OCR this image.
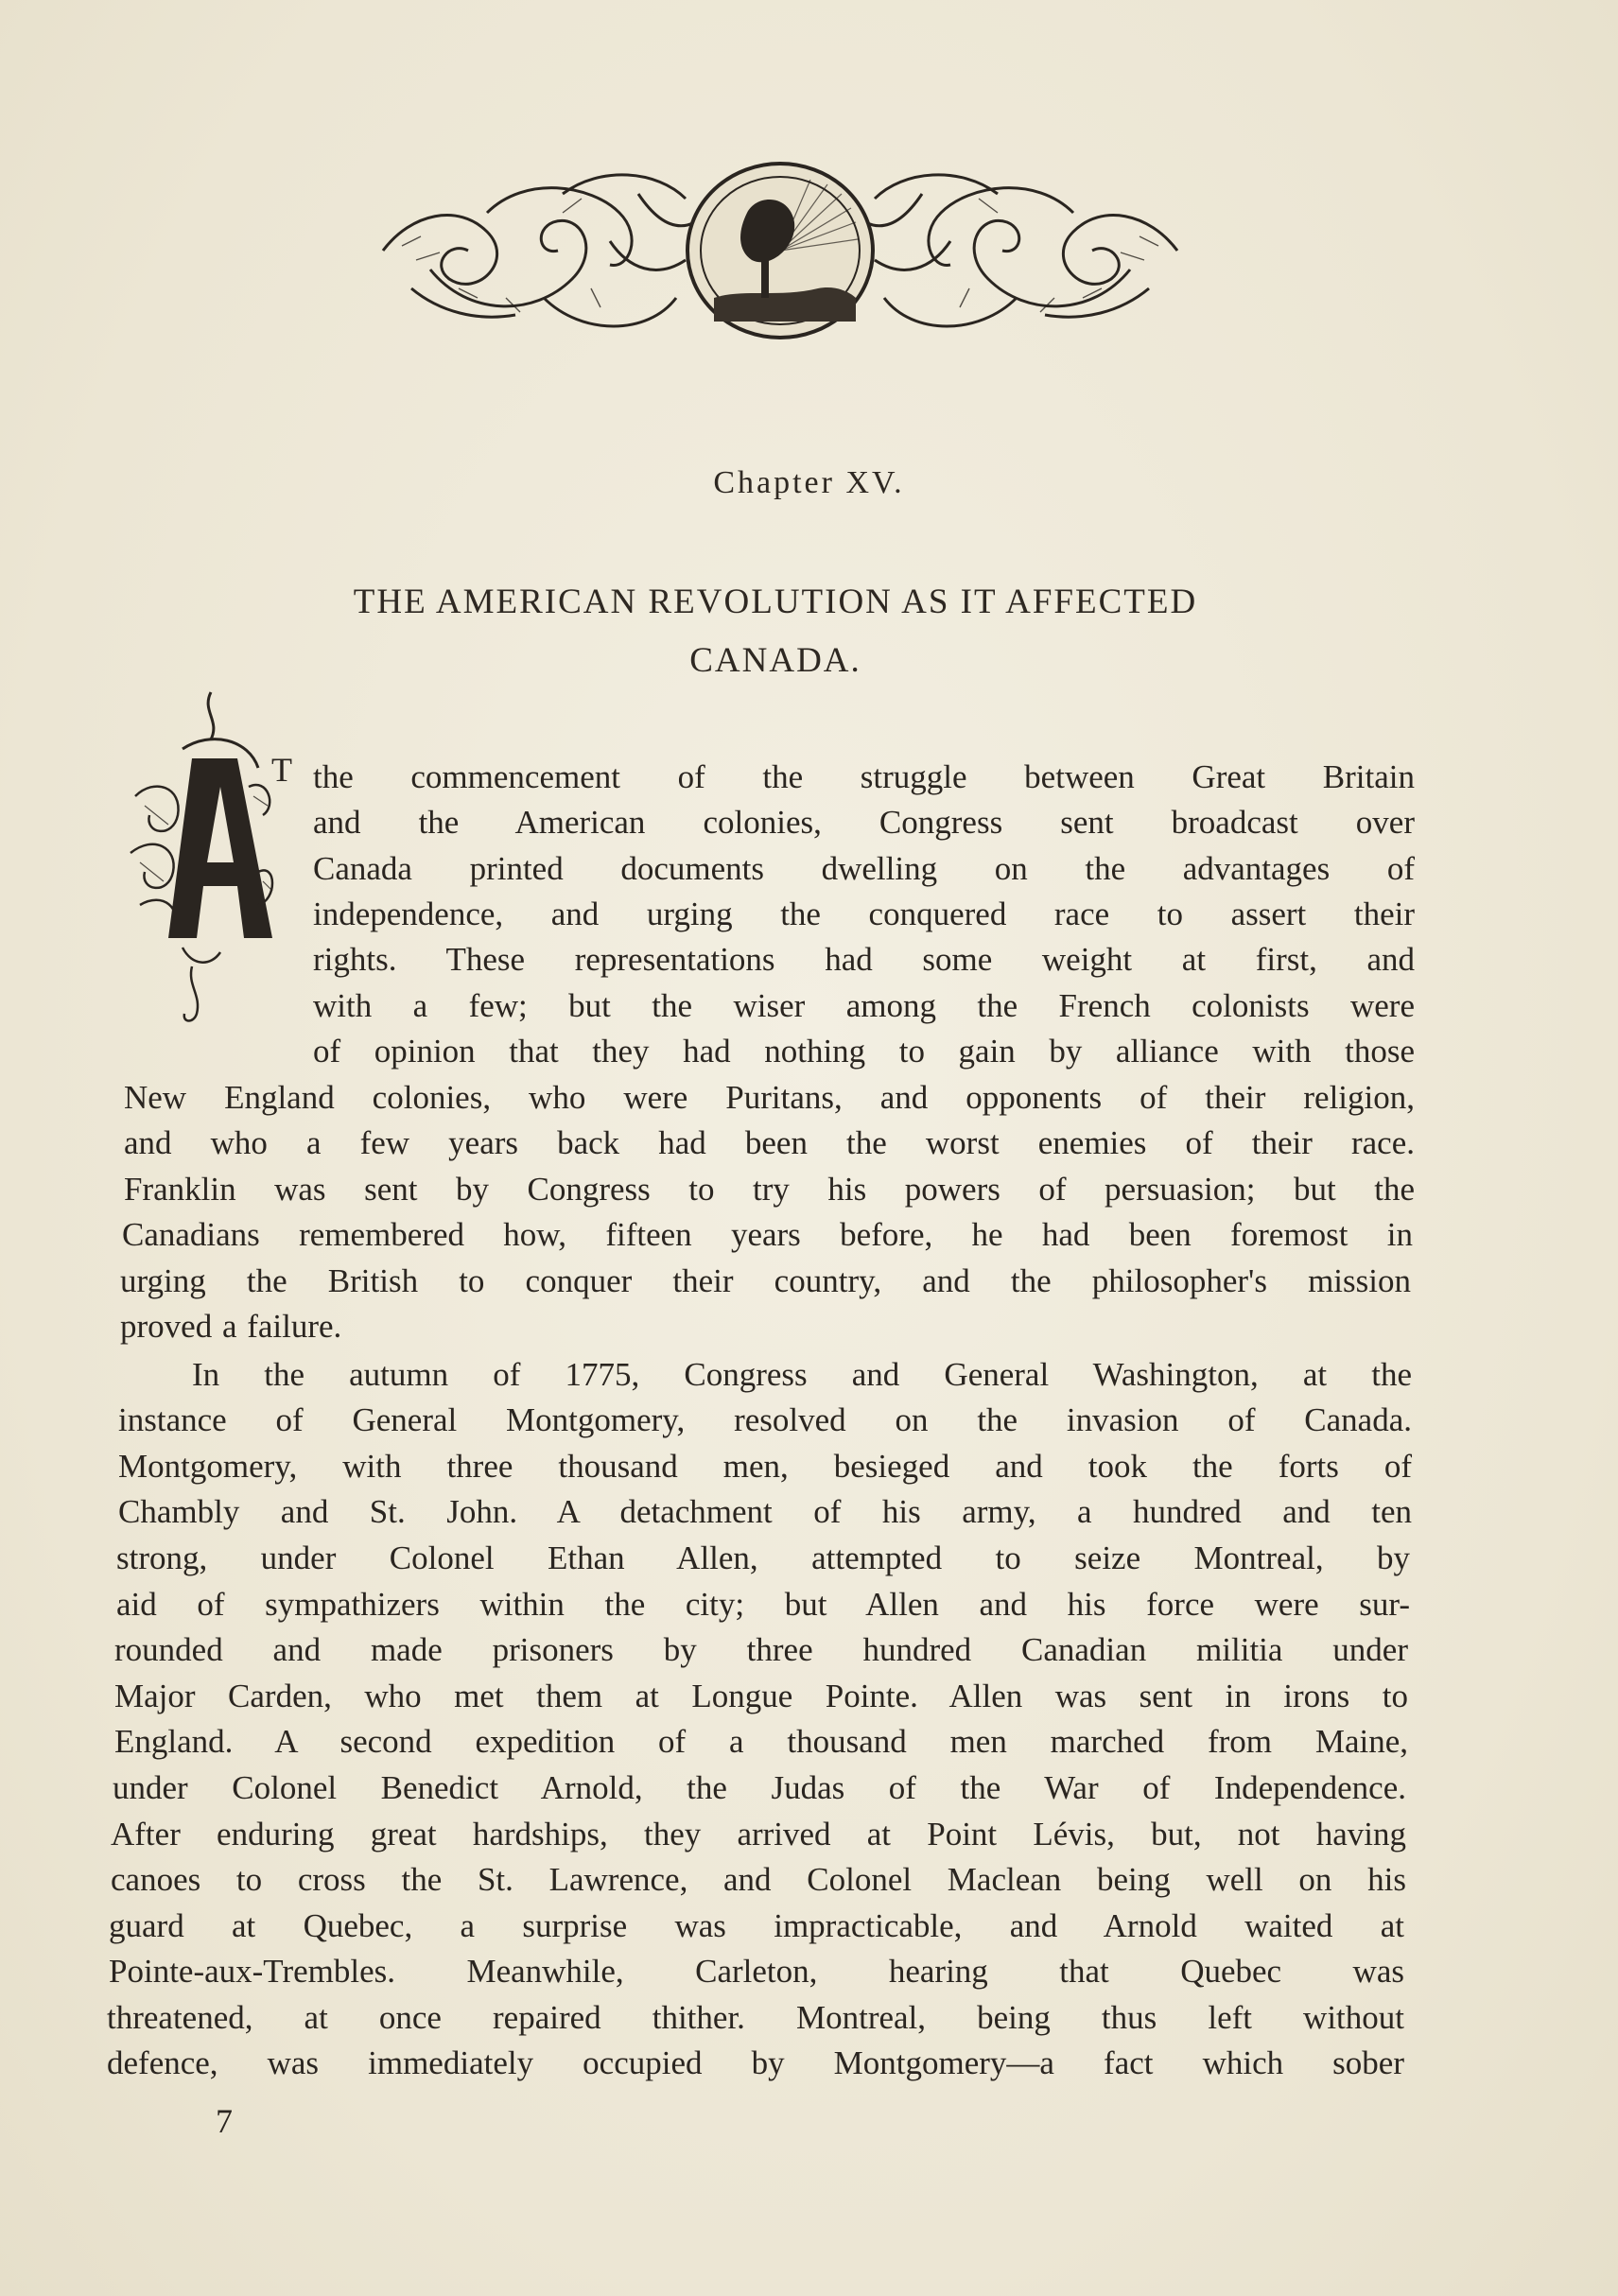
Chapter XV.
THE AMERICAN REVOLUTION AS IT AFFECTED
CANADA.
T the commencement of the struggle between Great Britain
and the American colonies, Congress sent broadcast over
Canada printed documents dwelling on the advantages of
independence, and urging the conquered race to assert their
rights. These representations had some weight at first, and
with a few; but the wiser among the French colonists were
of opinion that they had nothing to gain by alliance with those
New England colonies, who were Puritans, and opponents of their religion,
and who a few years back had been the worst enemies of their race.
Franklin was sent by Congress to try his powers of persuasion; but the
Canadians remembered how, fifteen years before, he had been foremost in
urging the British to conquer their country, and the philosopher's mission
proved a failure.
In the autumn of 1775, Congress and General Washington, at the
instance of General Montgomery, resolved on the invasion of Canada.
Montgomery, with three thousand men, besieged and took the forts of
Chambly and St. John. A detachment of his army, a hundred and ten
strong, under Colonel Ethan Allen, attempted to seize Montreal, by
aid of sympathizers within the city; but Allen and his force were sur-
rounded and made prisoners by three hundred Canadian militia under
Major Carden, who met them at Longue Pointe. Allen was sent in irons to
England. A second expedition of a thousand men marched from Maine,
under Colonel Benedict Arnold, the Judas of the War of Independence.
After enduring great hardships, they arrived at Point Lévis, but, not having
canoes to cross the St. Lawrence, and Colonel Maclean being well on his
guard at Quebec, a surprise was impracticable, and Arnold waited at
Pointe-aux-Trembles. Meanwhile, Carleton, hearing that Quebec was
threatened, at once repaired thither. Montreal, being thus left without
defence, was immediately occupied by Montgomery—a fact which sober
7
